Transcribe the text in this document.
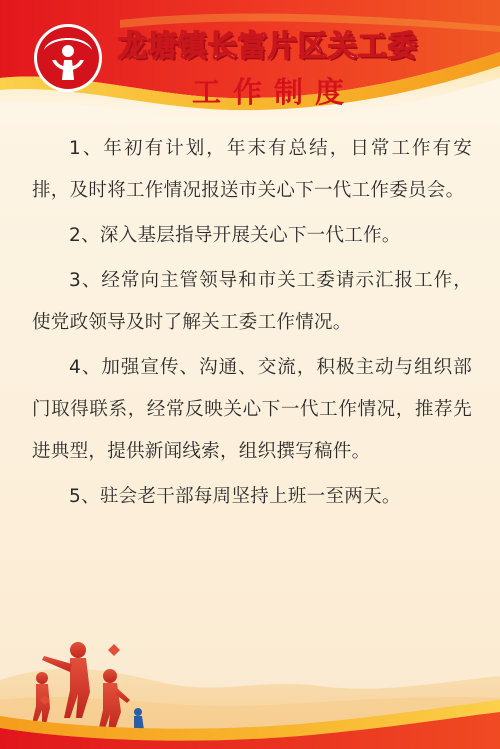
龙塘镇长富片区关工委
工作制度

1、年初有计划，年末有总结，日常工作有安排，及时将工作情况报送市关心下一代工作委员会。

2、深入基层指导开展关心下一代工作。

3、经常向主管领导和市关工委请示汇报工作，使党政领导及时了解关工委工作情况。

4、加强宣传、沟通、交流，积极主动与组织部门取得联系，经常反映关心下一代工作情况，推荐先进典型，提供新闻线索，组织撰写稿件。

5、驻会老干部每周坚持上班一至两天。
